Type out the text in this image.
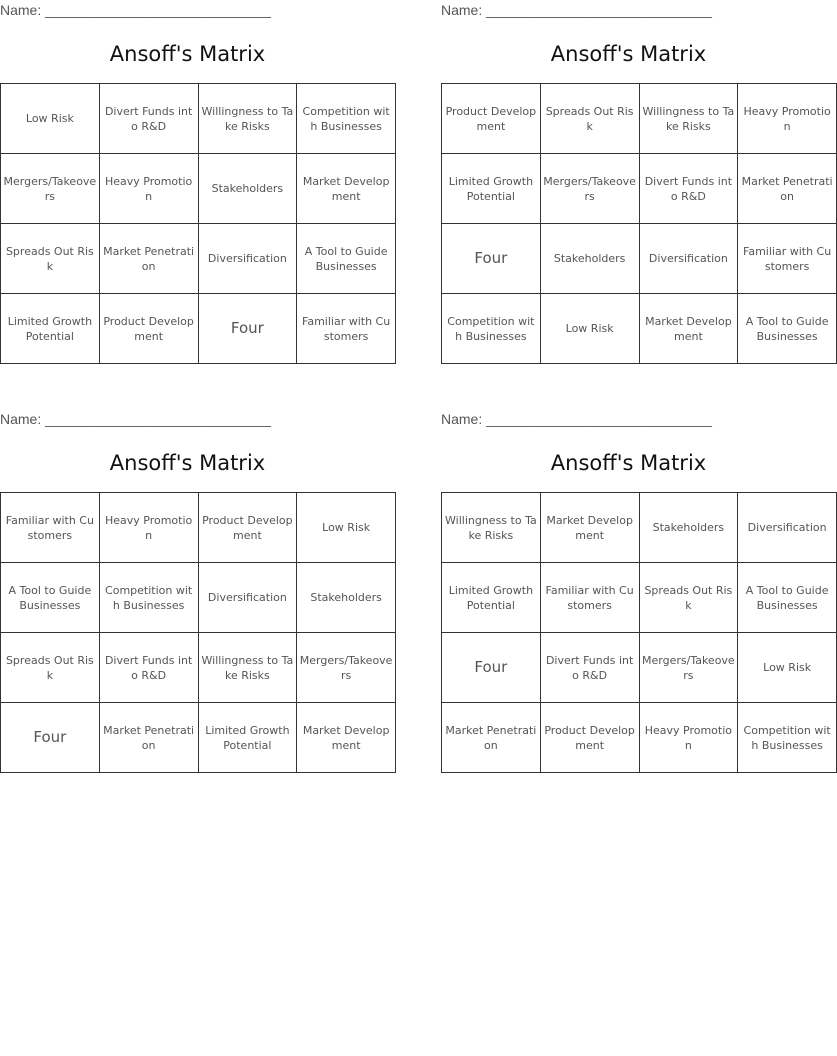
Name: _____________________________
Ansoff's Matrix
Low Risk	Divert Funds into R&D	Willingness to Take Risks	Competition with Businesses
Mergers/Takeovers	Heavy Promotion	Stakeholders	Market Development
Spreads Out Risk	Market Penetration	Diversification	A Tool to Guide Businesses
Limited Growth Potential	Product Development	Four	Familiar with Customers
Name: _____________________________
Ansoff's Matrix
Product Development	Spreads Out Risk	Willingness to Take Risks	Heavy Promotion
Limited Growth Potential	Mergers/Takeovers	Divert Funds into R&D	Market Penetration
Four	Stakeholders	Diversification	Familiar with Customers
Competition with Businesses	Low Risk	Market Development	A Tool to Guide Businesses
Name: _____________________________
Ansoff's Matrix
Familiar with Customers	Heavy Promotion	Product Development	Low Risk
A Tool to Guide Businesses	Competition with Businesses	Diversification	Stakeholders
Spreads Out Risk	Divert Funds into R&D	Willingness to Take Risks	Mergers/Takeovers
Four	Market Penetration	Limited Growth Potential	Market Development
Name: _____________________________
Ansoff's Matrix
Willingness to Take Risks	Market Development	Stakeholders	Diversification
Limited Growth Potential	Familiar with Customers	Spreads Out Risk	A Tool to Guide Businesses
Four	Divert Funds into R&D	Mergers/Takeovers	Low Risk
Market Penetration	Product Development	Heavy Promotion	Competition with Businesses
